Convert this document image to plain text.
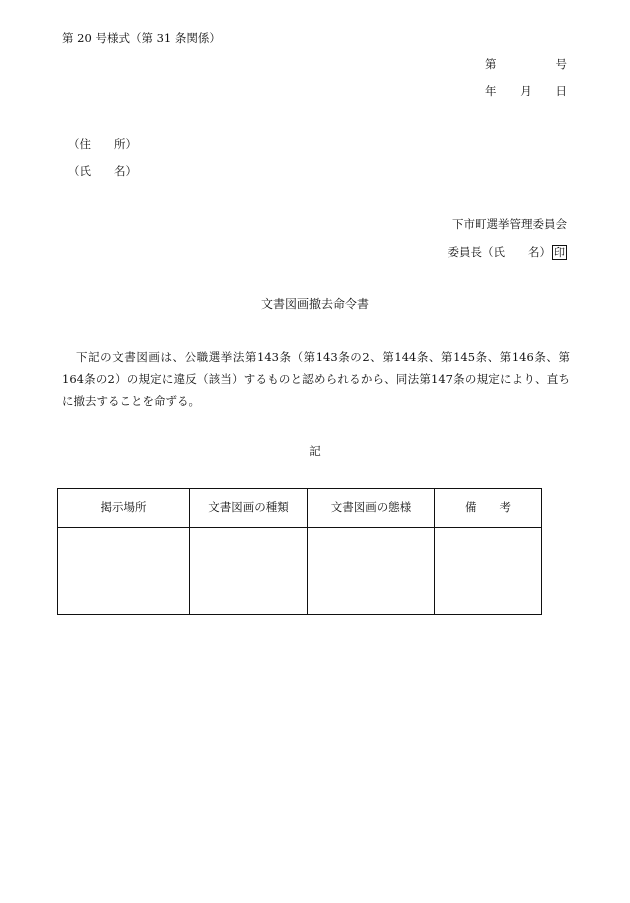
第 20 号様式（第 31 条関係）
第	号
年 月 日
（住　　所）
（氏　　名）
下市町選挙管理委員会
委員長（氏　　名） 印
文書図画撤去命令書
下記の文書図画は、公職選挙法第143条（第143条の2、第144条、第145条、第146条、第164条の2）の規定に違反（該当）するものと認められるから、同法第147条の規定により、直ちに撤去することを命ずる。
記
掲示場所	文書図画の種類	文書図画の態様	備　　考
